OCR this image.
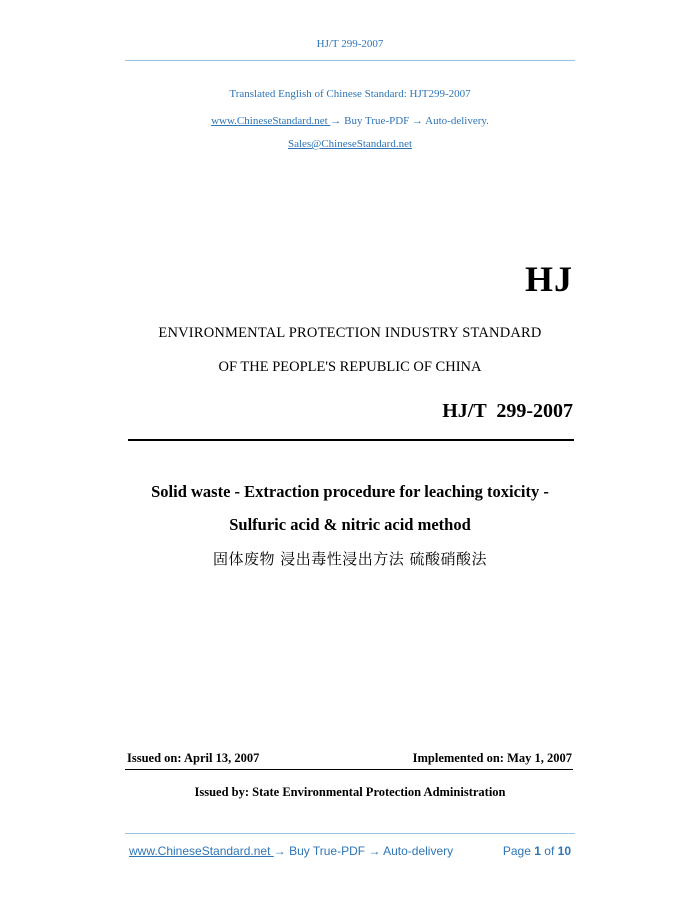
HJ/T 299-2007
Translated English of Chinese Standard: HJT299-2007
www.ChineseStandard.net → Buy True-PDF → Auto-delivery.
Sales@ChineseStandard.net
HJ
ENVIRONMENTAL PROTECTION INDUSTRY STANDARD
OF THE PEOPLE'S REPUBLIC OF CHINA
HJ/T  299-2007
Solid waste - Extraction procedure for leaching toxicity -
Sulfuric acid & nitric acid method
固体废物 浸出毒性浸出方法 硫酸硝酸法
Issued on: April 13, 2007	Implemented on: May 1, 2007
Issued by: State Environmental Protection Administration
www.ChineseStandard.net → Buy True-PDF → Auto-delivery	Page 1 of 10
